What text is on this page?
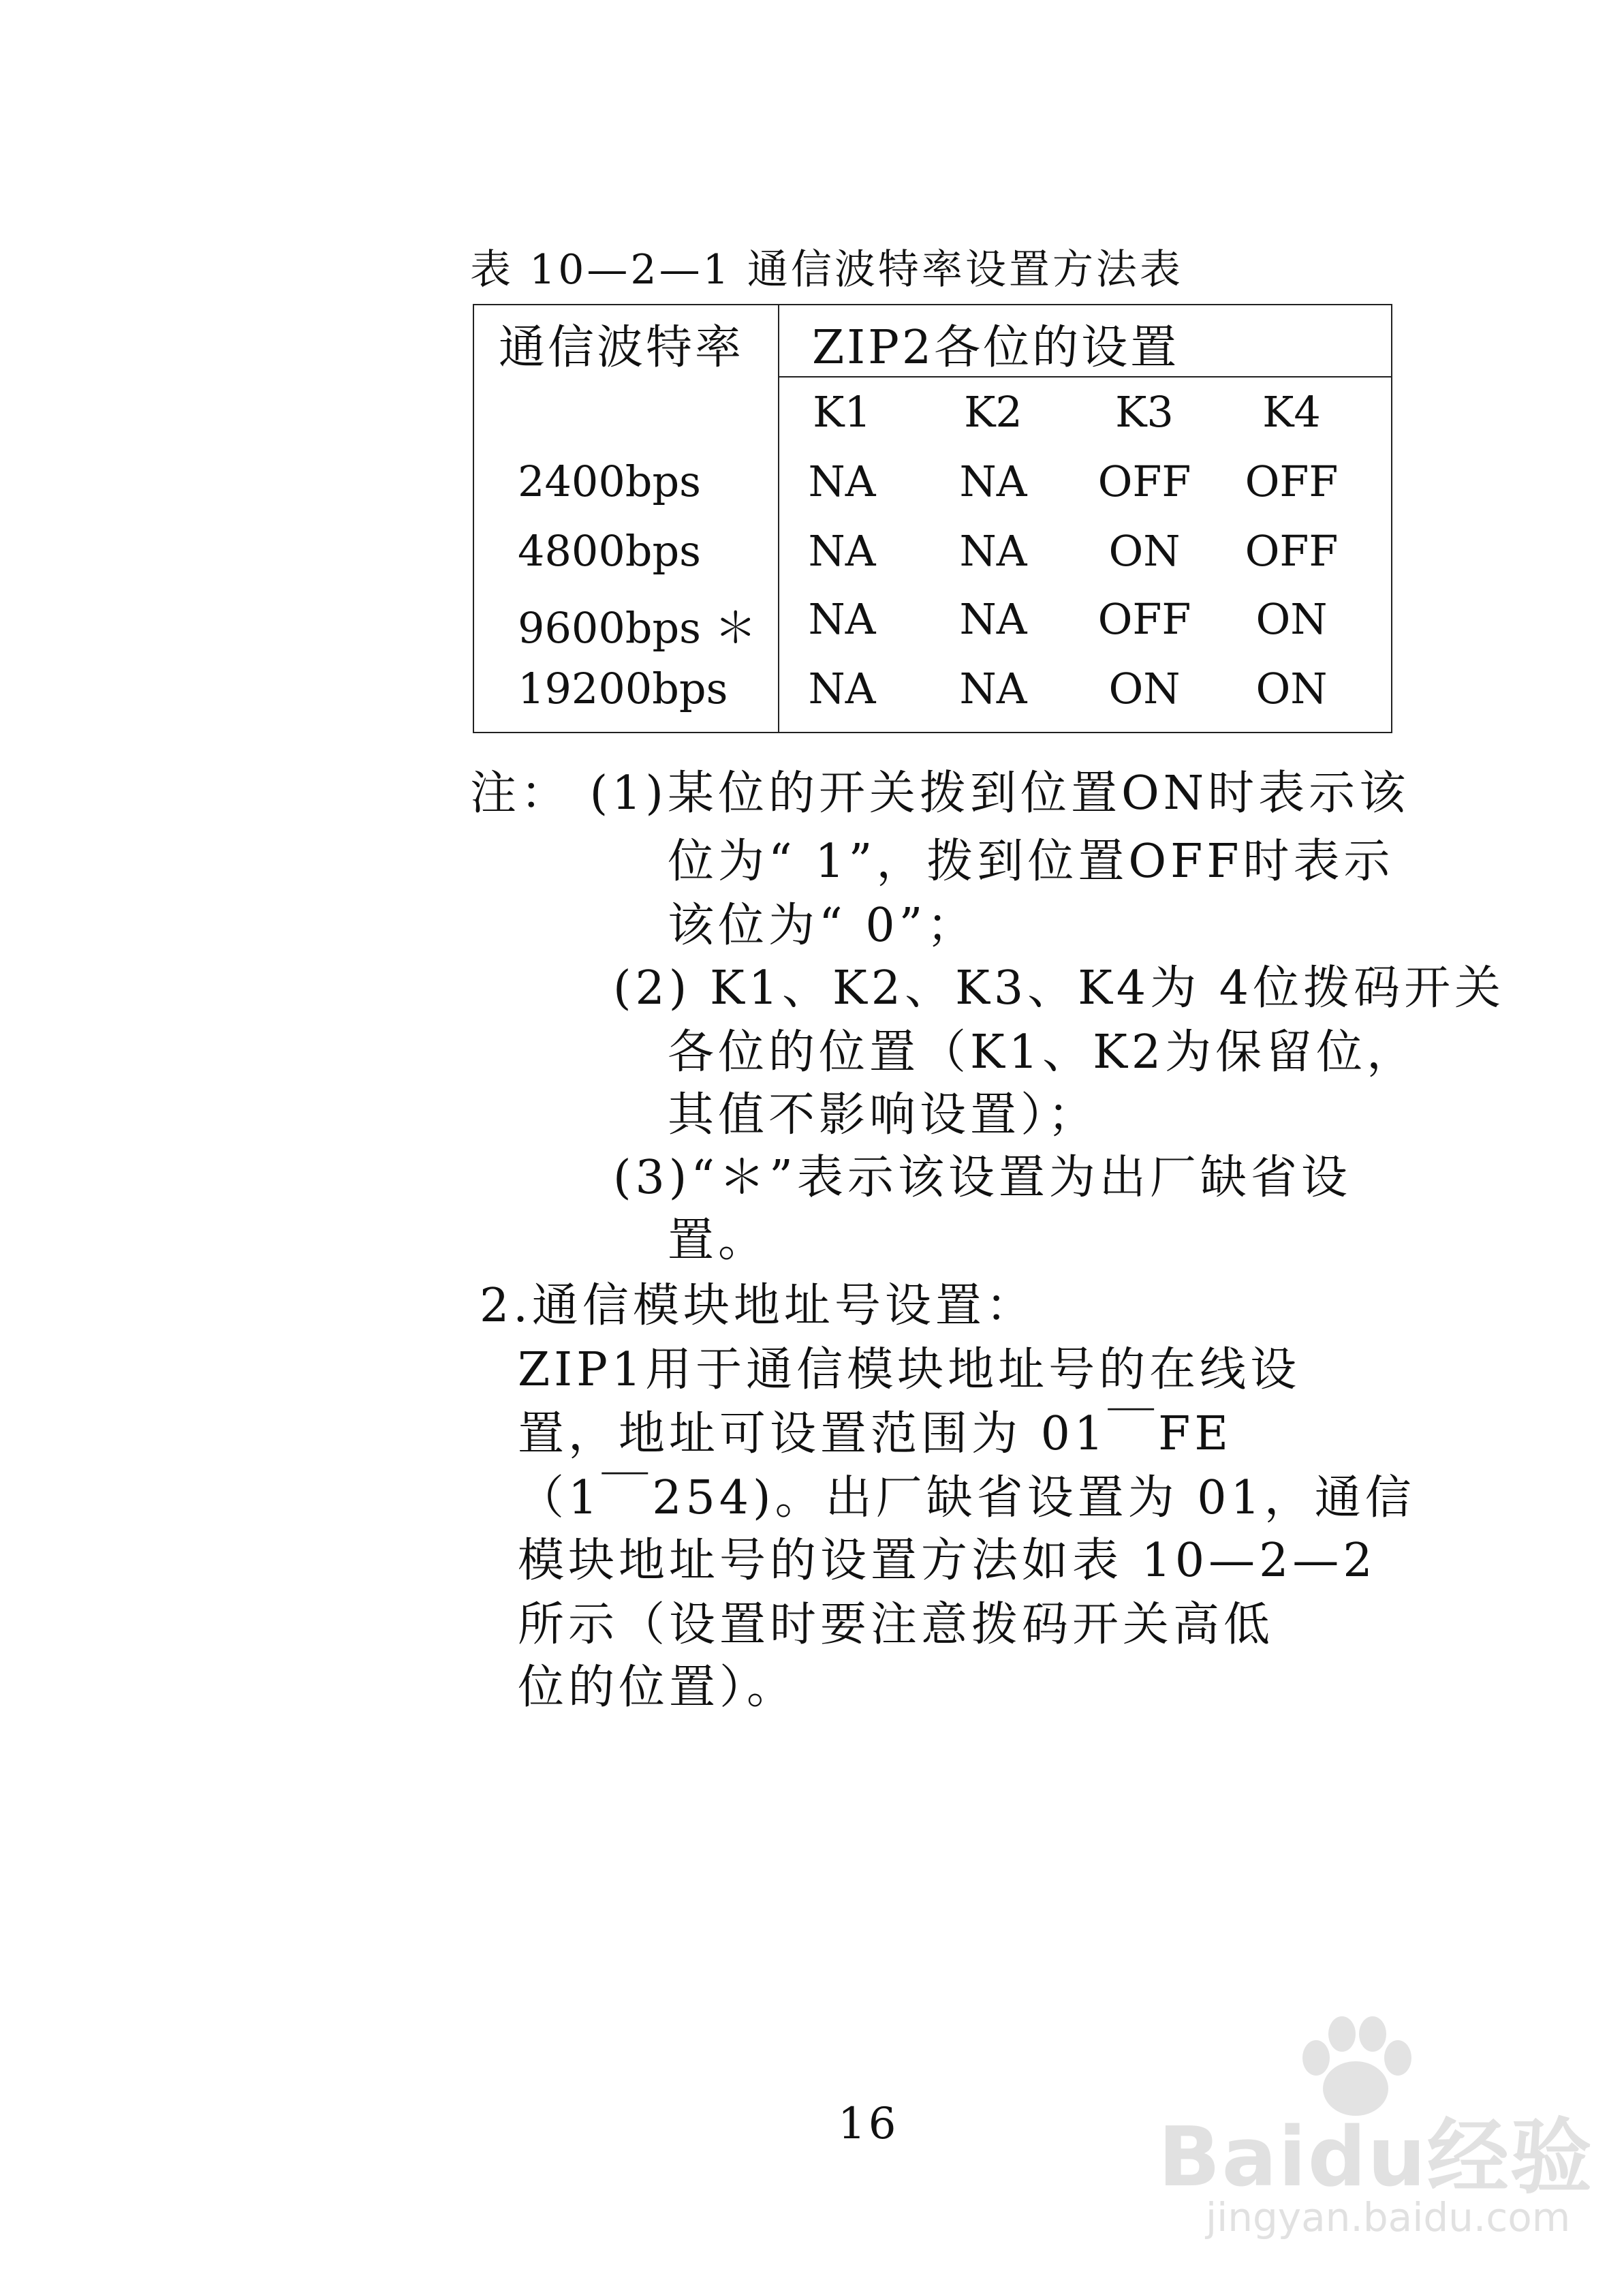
表 10—2—1 通信波特率设置方法表
通信波特率 ZIP2各位的设置
K1 K2 K3 K4
2400bps	NA NA OFF OFF
4800bps	NA NA ON OFF
9600bps ＊ NA NA OFF ON
19200bps NA NA ON ON
注： (1)某位的开关拨到位置ON时表示该
位为“ 1”，拨到位置OFF时表示
该位为“ 0”；
(2) K1、K2、K3、K4为 4位拨码开关
各位的位置（K1、K2为保留位，
其值不影响设置）；
(3)“＊”表示该设置为出厂缺省设
置。
2.通信模块地址号设置：
ZIP1用于通信模块地址号的在线设
置，地址可设置范围为 01￣FE
（1￣254)。出厂缺省设置为 01，通信
模块地址号的设置方法如表 10—2—2
所示（设置时要注意拨码开关高低
位的位置）。
16	Baidu经验
jingyan.baidu.com
